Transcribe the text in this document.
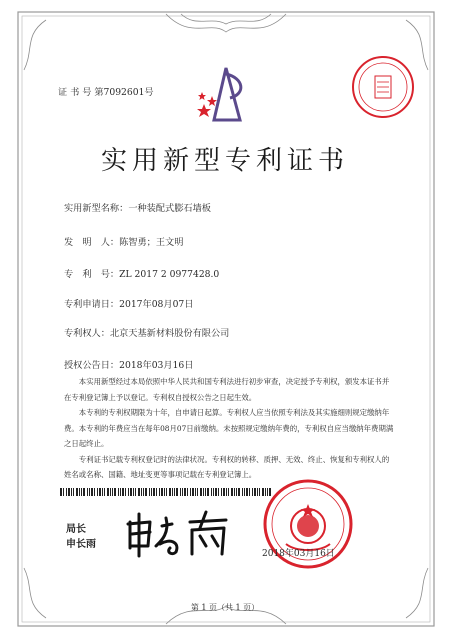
证 书 号 第7092601号
实用新型专利证书
实用新型名称：一种装配式膨石墙板
发　明　人：陈智勇；王文明
专　利　号：ZL 2017 2 0977428.0
专利申请日：2017年08月07日
专利权人：北京天基新材料股份有限公司
授权公告日：2018年03月16日

本实用新型经过本局依照中华人民共和国专利法进行初步审查，决定授予专利权，颁发本证书并在专利登记簿上予以登记。专利权自授权公告之日起生效。

本专利的专利权期限为十年，自申请日起算。专利权人应当依照专利法及其实施细则规定缴纳年费。本专利的年费应当在每年08月07日前缴纳。未按照规定缴纳年费的，专利权自应当缴纳年费期满之日起终止。

专利证书记载专利权登记时的法律状况。专利权的转移、质押、无效、终止、恢复和专利权人的姓名或名称、国籍、地址变更等事项记载在专利登记簿上。

局长
申长雨
2018年03月16日
第 1 页（共 1 页）
